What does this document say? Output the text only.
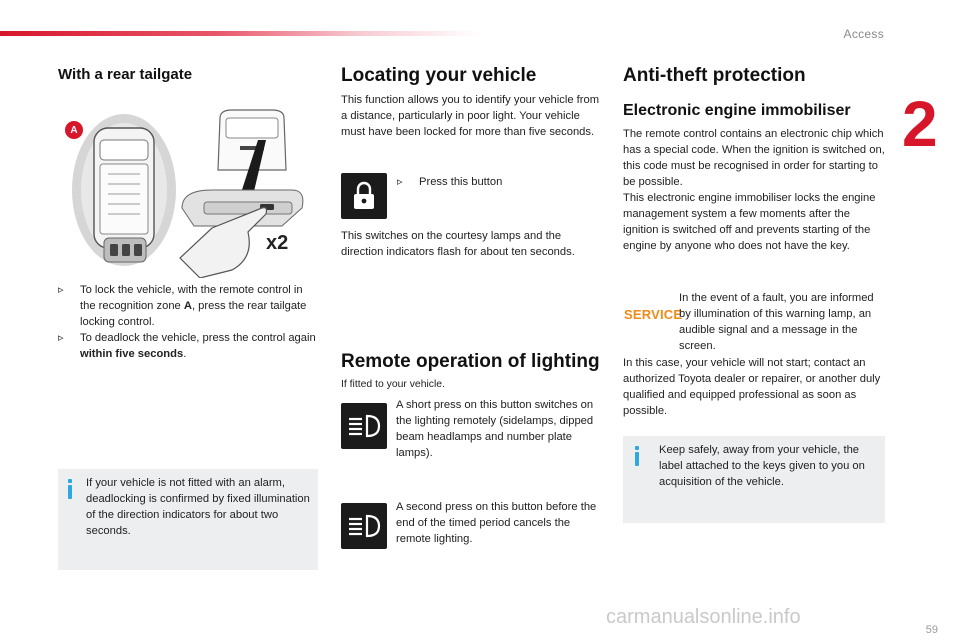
Access
2
With a rear tailgate
A
x2
▹ To lock the vehicle, with the remote control in the recognition zone A, press the rear tailgate locking control.
▹ To deadlock the vehicle, press the control again within five seconds.
If your vehicle is not fitted with an alarm, deadlocking is confirmed by fixed illumination of the direction indicators for about two seconds.
Locating your vehicle
This function allows you to identify your vehicle from a distance, particularly in poor light. Your vehicle must have been locked for more than five seconds.
▹ Press this button
This switches on the courtesy lamps and the direction indicators flash for about ten seconds.
Remote operation of lighting
If fitted to your vehicle.
A short press on this button switches on the lighting remotely (sidelamps, dipped beam headlamps and number plate lamps).
A second press on this button before the end of the timed period cancels the remote lighting.
Anti-theft protection
Electronic engine immobiliser
The remote control contains an electronic chip which has a special code. When the ignition is switched on, this code must be recognised in order for starting to be possible.
This electronic engine immobiliser locks the engine management system a few moments after the ignition is switched off and prevents starting of the engine by anyone who does not have the key.
SERVICE
In the event of a fault, you are informed by illumination of this warning lamp, an audible signal and a message in the screen.
In this case, your vehicle will not start; contact an authorized Toyota dealer or repairer, or another duly qualified and equipped professional as soon as possible.
Keep safely, away from your vehicle, the label attached to the keys given to you on acquisition of the vehicle.
59
carmanualsonline.info
